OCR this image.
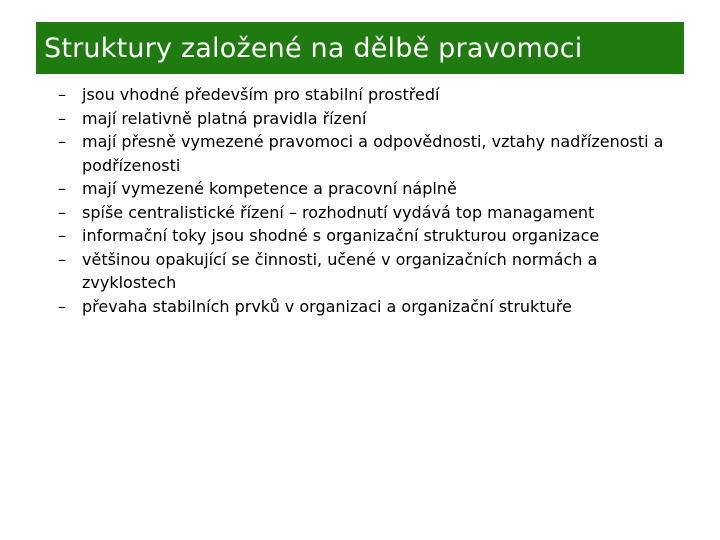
Struktury založené na dělbě pravomoci
– jsou vhodné především pro stabilní prostředí
– mají relativně platná pravidla řízení
– mají přesně vymezené pravomoci a odpovědnosti, vztahy nadřízenosti a podřízenosti
– mají vymezené kompetence a pracovní náplně
– spíše centralistické řízení – rozhodnutí vydává top managament
– informační toky jsou shodné s organizační strukturou organizace
– většinou opakující se činnosti, učené v organizačních normách a zvyklostech
– převaha stabilních prvků v organizaci a organizační struktuře
